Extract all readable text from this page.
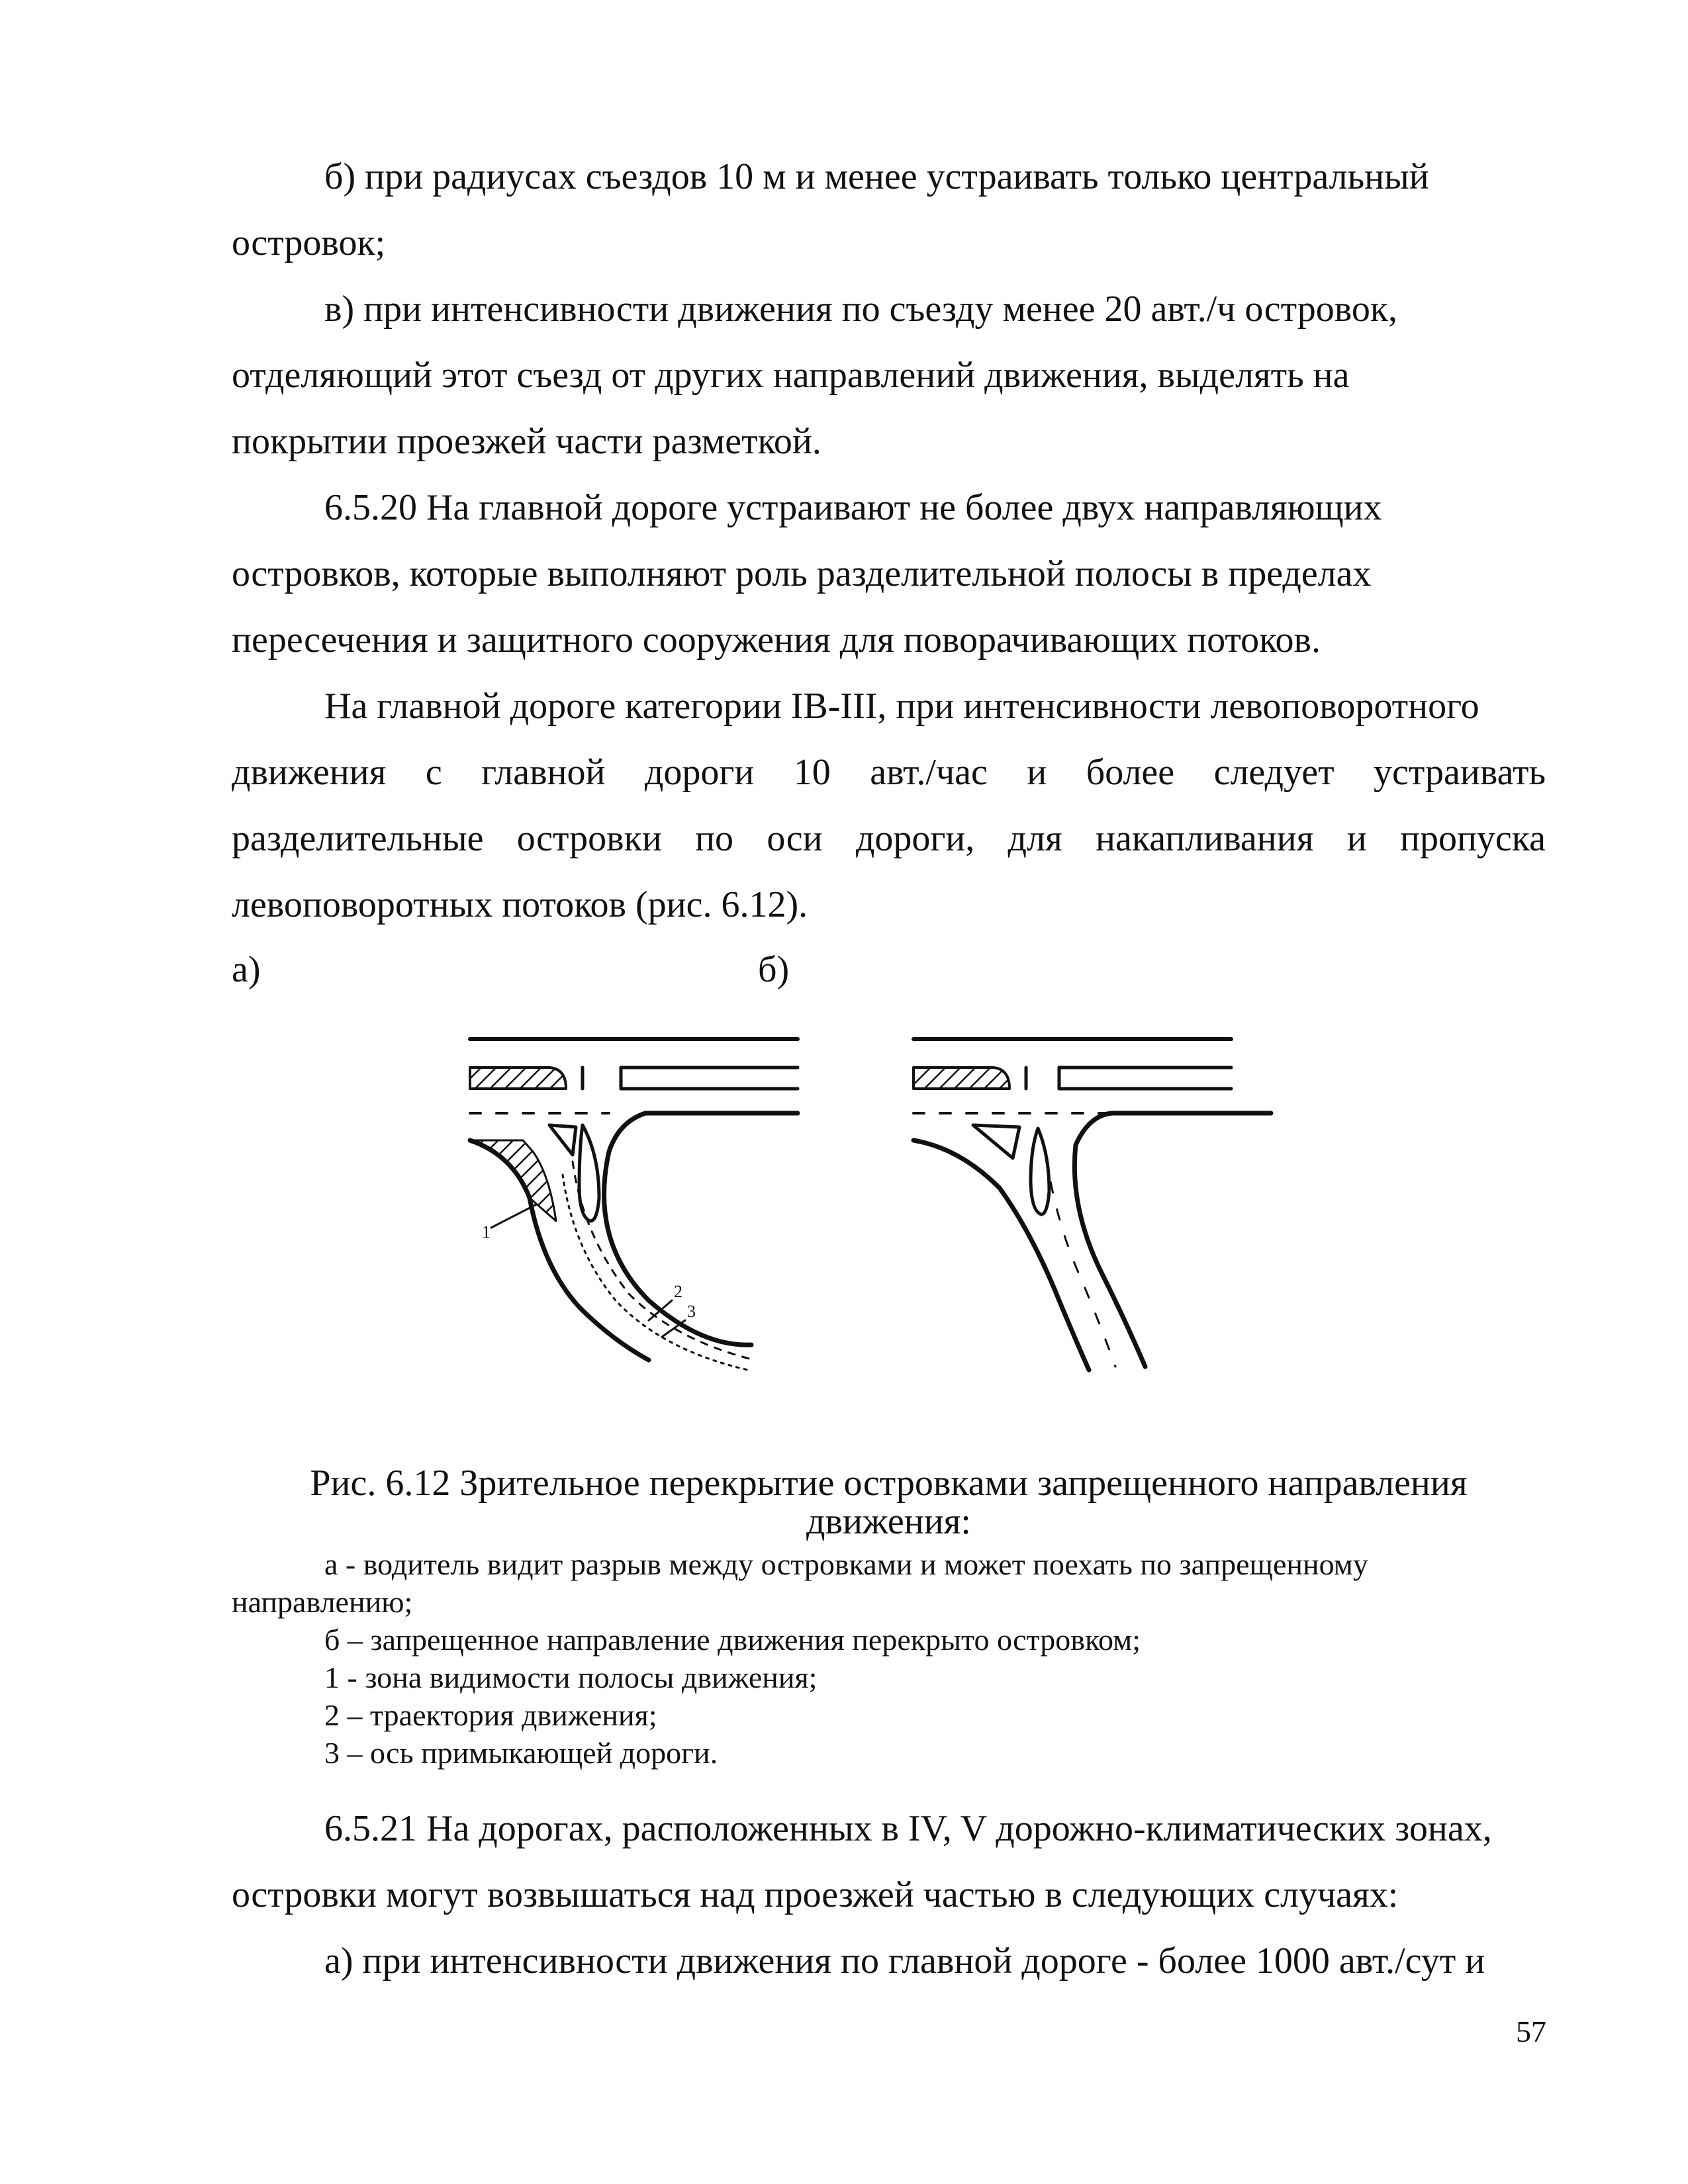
б) при радиусах съездов 10 м и менее устраивать только центральный
островок;
в) при интенсивности движения по съезду менее 20 авт./ч островок,
отделяющий этот съезд от других направлений движения, выделять на
покрытии проезжей части разметкой.
6.5.20 На главной дороге устраивают не более двух направляющих
островков, которые выполняют роль разделительной полосы в пределах
пересечения и защитного сооружения для поворачивающих потоков.
На главной дороге категории IВ-III, при интенсивности левоповоротного
движения с главной дороги 10 авт./час и более следует устраивать
разделительные островки по оси дороги, для накапливания и пропуска
левоповоротных потоков (рис. 6.12).
а)	б)
1
2
3
Рис. 6.12 Зрительное перекрытие островками запрещенного направления
движения:
а - водитель видит разрыв между островками и может поехать по запрещенному
направлению;
б – запрещенное направление движения перекрыто островком;
1 - зона видимости полосы движения;
2 – траектория движения;
3 – ось примыкающей дороги.
6.5.21 На дорогах, расположенных в IV, V дорожно-климатических зонах,
островки могут возвышаться над проезжей частью в следующих случаях:
а) при интенсивности движения по главной дороге - более 1000 авт./сут и
57
